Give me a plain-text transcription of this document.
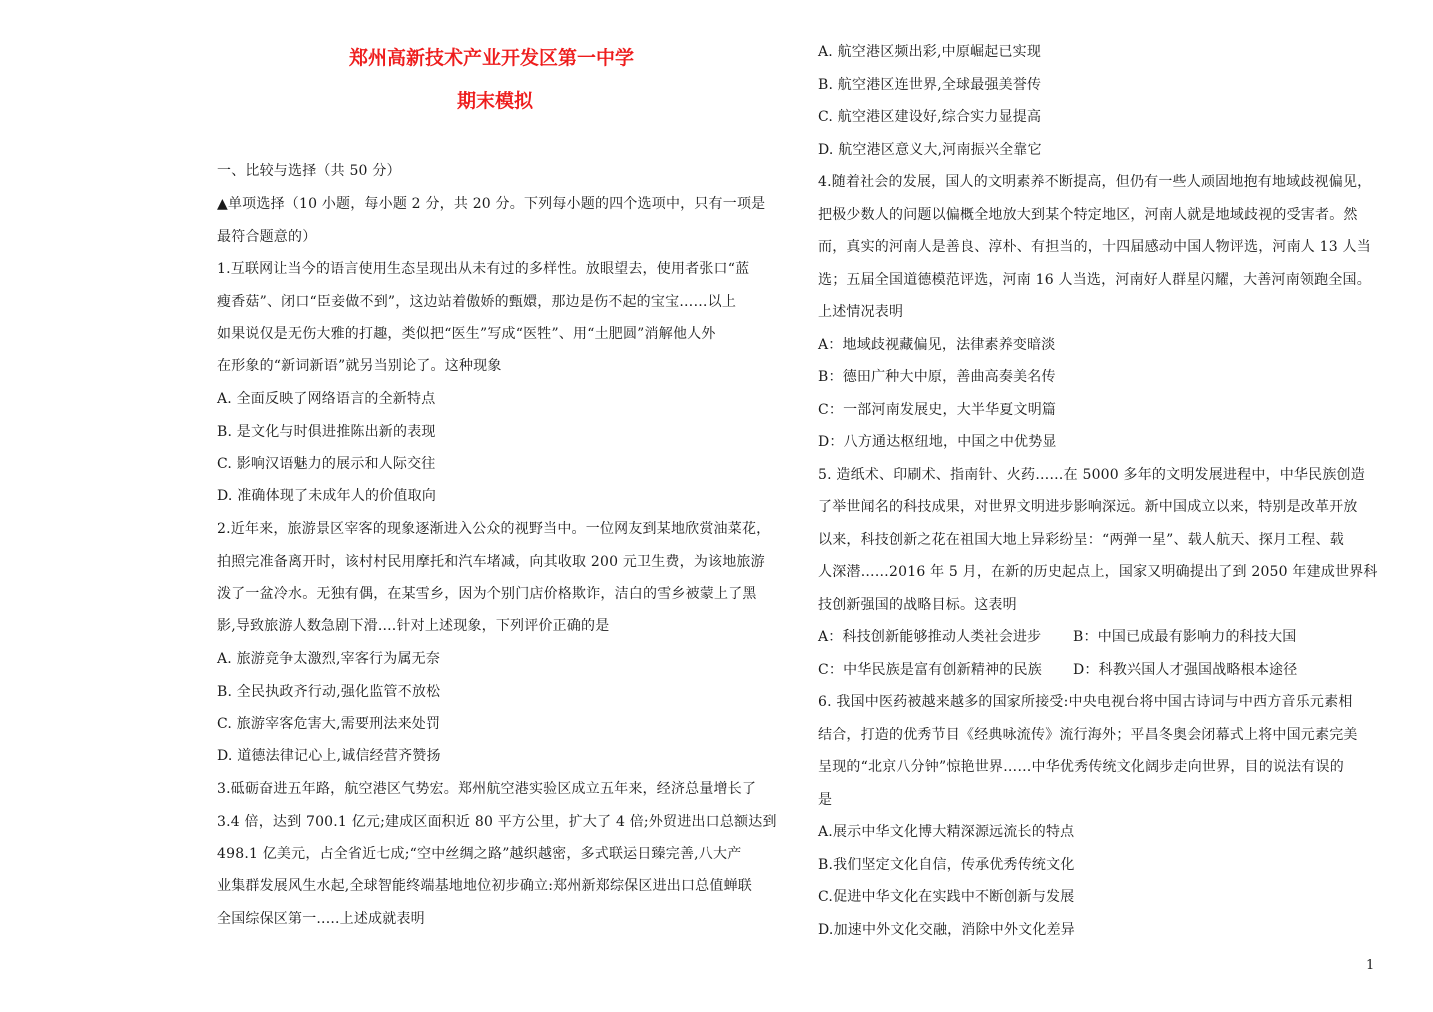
郑州高新技术产业开发区第一中学
期末模拟
一、比较与选择（共 50 分）
▲单项选择（10 小题，每小题 2 分，共 20 分。下列每小题的四个选项中，只有一项是
最符合题意的）
1.互联网让当今的语言使用生态呈现出从未有过的多样性。放眼望去，使用者张口“蓝
瘦香菇”、闭口“臣妾做不到”，这边站着傲娇的甄嬛，那边是伤不起的宝宝……以上
如果说仅是无伤大雅的打趣，类似把“医生”写成“医牲”、用“土肥圆”消解他人外
在形象的“新词新语”就另当别论了。这种现象
A. 全面反映了网络语言的全新特点
B. 是文化与时俱进推陈出新的表现
C. 影响汉语魅力的展示和人际交往
D. 准确体现了未成年人的价值取向
2.近年来，旅游景区宰客的现象逐渐进入公众的视野当中。一位网友到某地欣赏油菜花，
拍照完准备离开时，该村村民用摩托和汽车堵减，向其收取 200 元卫生费，为该地旅游
泼了一盆冷水。无独有偶，在某雪乡，因为个别门店价格欺诈，洁白的雪乡被蒙上了黑
影,导致旅游人数急剧下滑....针对上述现象，下列评价正确的是
A. 旅游竞争太激烈,宰客行为属无奈
B. 全民执政齐行动,强化监管不放松
C. 旅游宰客危害大,需要刑法来处罚
D. 道德法律记心上,诚信经营齐赞扬
3.砥砺奋进五年路，航空港区气势宏。郑州航空港实验区成立五年来，经济总量增长了
3.4 倍，达到 700.1 亿元;建成区面积近 80 平方公里，扩大了 4 倍;外贸进出口总额达到
498.1 亿美元，占全省近七成;“空中丝绸之路”越织越密，多式联运日臻完善,八大产
业集群发展风生水起,全球智能终端基地地位初步确立:郑州新郑综保区进出口总值蝉联
全国综保区第一.....上述成就表明
A. 航空港区频出彩,中原崛起已实现
B. 航空港区连世界,全球最强美誉传
C. 航空港区建设好,综合实力显提高
D. 航空港区意义大,河南振兴全靠它
4.随着社会的发展，国人的文明素养不断提高，但仍有一些人顽固地抱有地域歧视偏见，
把极少数人的问题以偏概全地放大到某个特定地区，河南人就是地域歧视的受害者。然
而，真实的河南人是善良、淳朴、有担当的，十四届感动中国人物评选，河南人 13 人当
选；五届全国道德模范评选，河南 16 人当选，河南好人群星闪耀，大善河南领跑全国。
上述情况表明
A：地域歧视藏偏见，法律素养变暗淡
B：德田广种大中原，善曲高奏美名传
C：一部河南发展史，大半华夏文明篇
D：八方通达枢纽地，中国之中优势显
5. 造纸术、印刷术、指南针、火药……在 5000 多年的文明发展进程中，中华民族创造
了举世闻名的科技成果，对世界文明进步影响深远。新中国成立以来，特别是改革开放
以来，科技创新之花在祖国大地上异彩纷呈：“两弹一星”、载人航天、探月工程、载
人深潜……2016 年 5 月，在新的历史起点上，国家又明确提出了到 2050 年建成世界科
技创新强国的战略目标。这表明
A：科技创新能够推动人类社会进步 B：中国已成最有影响力的科技大国
C：中华民族是富有创新精神的民族 D：科教兴国人才强国战略根本途径
6. 我国中医药被越来越多的国家所接受:中央电视台将中国古诗词与中西方音乐元素相
结合，打造的优秀节目《经典咏流传》流行海外；平昌冬奥会闭幕式上将中国元素完美
呈现的“北京八分钟”惊艳世界……中华优秀传统文化阔步走向世界，目的说法有误的
是
A.展示中华文化博大精深源远流长的特点
B.我们坚定文化自信，传承优秀传统文化
C.促进中华文化在实践中不断创新与发展
D.加速中外文化交融，消除中外文化差异
1
